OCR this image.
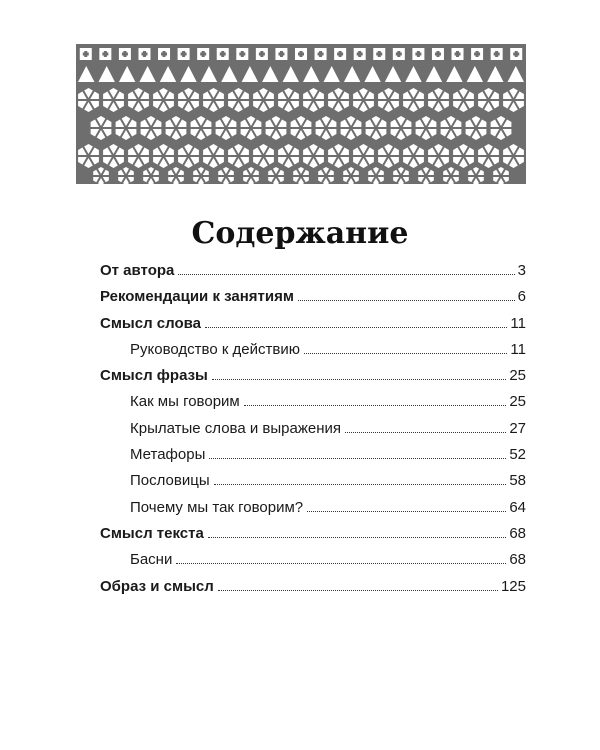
Содержание
От автора	3
Рекомендации к занятиям	6
Смысл слова	11
Руководство к действию	11
Смысл фразы	25
Как мы говорим	25
Крылатые слова и выражения	27
Метафоры	52
Пословицы	58
Почему мы так говорим?	64
Смысл текста	68
Басни	68
Образ и смысл	125
